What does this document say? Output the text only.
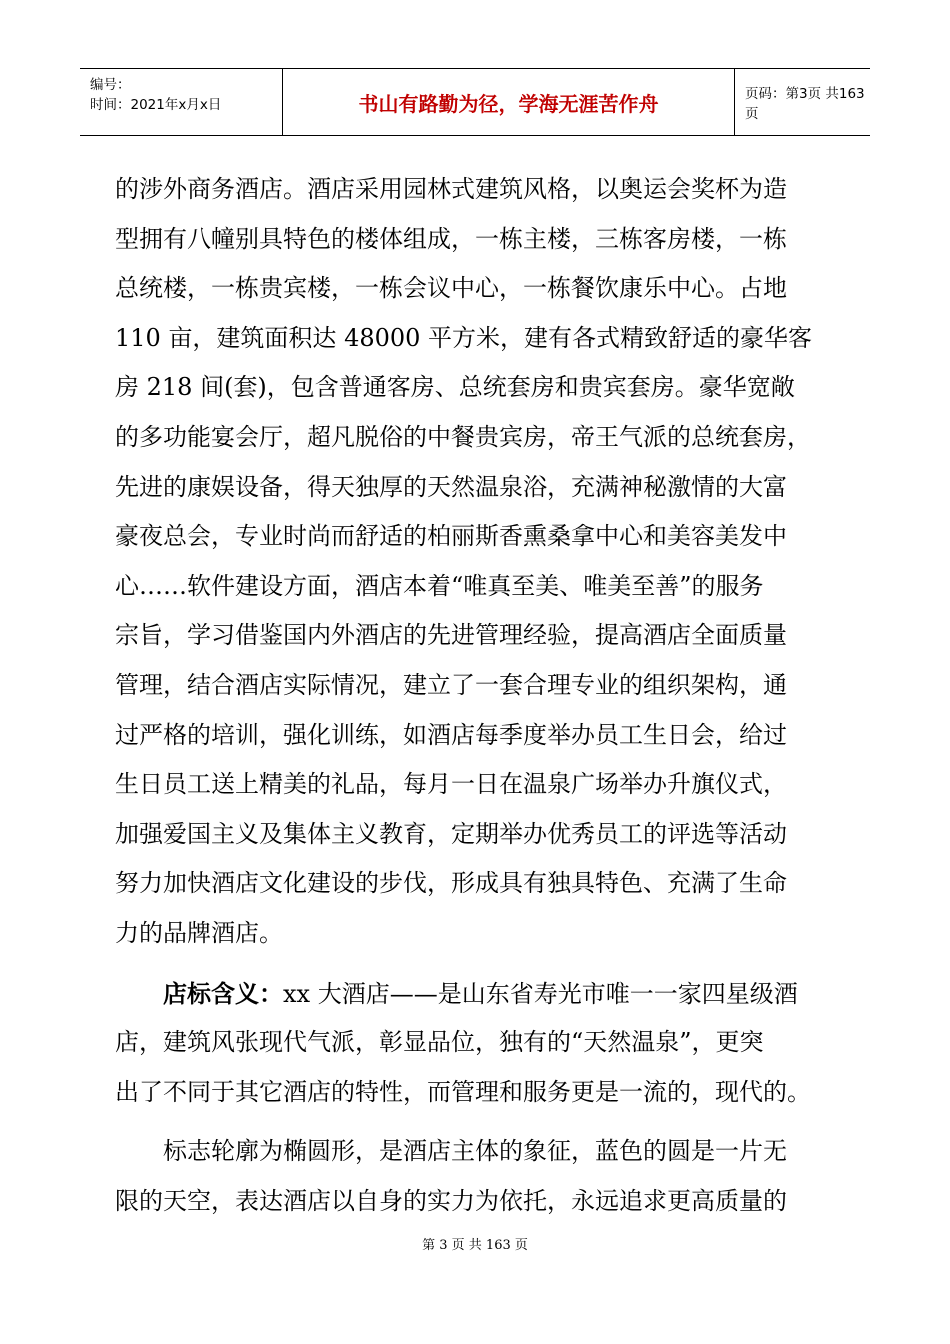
编号：
时间：2021年x月x日	书山有路勤为径，学海无涯苦作舟	页码：第3页 共163页
的涉外商务酒店。酒店采用园林式建筑风格，以奥运会奖杯为造
型拥有八幢别具特色的楼体组成，一栋主楼，三栋客房楼，一栋
总统楼，一栋贵宾楼，一栋会议中心，一栋餐饮康乐中心。占地
110 亩，建筑面积达 48000 平方米，建有各式精致舒适的豪华客
房 218 间(套)，包含普通客房、总统套房和贵宾套房。豪华宽敞
的多功能宴会厅，超凡脱俗的中餐贵宾房，帝王气派的总统套房，
先进的康娱设备，得天独厚的天然温泉浴，充满神秘激情的大富
豪夜总会，专业时尚而舒适的柏丽斯香熏桑拿中心和美容美发中
心……软件建设方面，酒店本着“唯真至美、唯美至善”的服务
宗旨，学习借鉴国内外酒店的先进管理经验，提高酒店全面质量
管理，结合酒店实际情况，建立了一套合理专业的组织架构，通
过严格的培训，强化训练，如酒店每季度举办员工生日会，给过
生日员工送上精美的礼品，每月一日在温泉广场举办升旗仪式，
加强爱国主义及集体主义教育，定期举办优秀员工的评选等活动
努力加快酒店文化建设的步伐，形成具有独具特色、充满了生命
力的品牌酒店。
店标含义：xx 大酒店——是山东省寿光市唯一一家四星级酒
店，建筑风张现代气派，彰显品位，独有的“天然温泉”，更突
出了不同于其它酒店的特性，而管理和服务更是一流的，现代的。
标志轮廓为椭圆形，是酒店主体的象征，蓝色的圆是一片无
限的天空，表达酒店以自身的实力为依托，永远追求更高质量的
第 3 页 共 163 页
